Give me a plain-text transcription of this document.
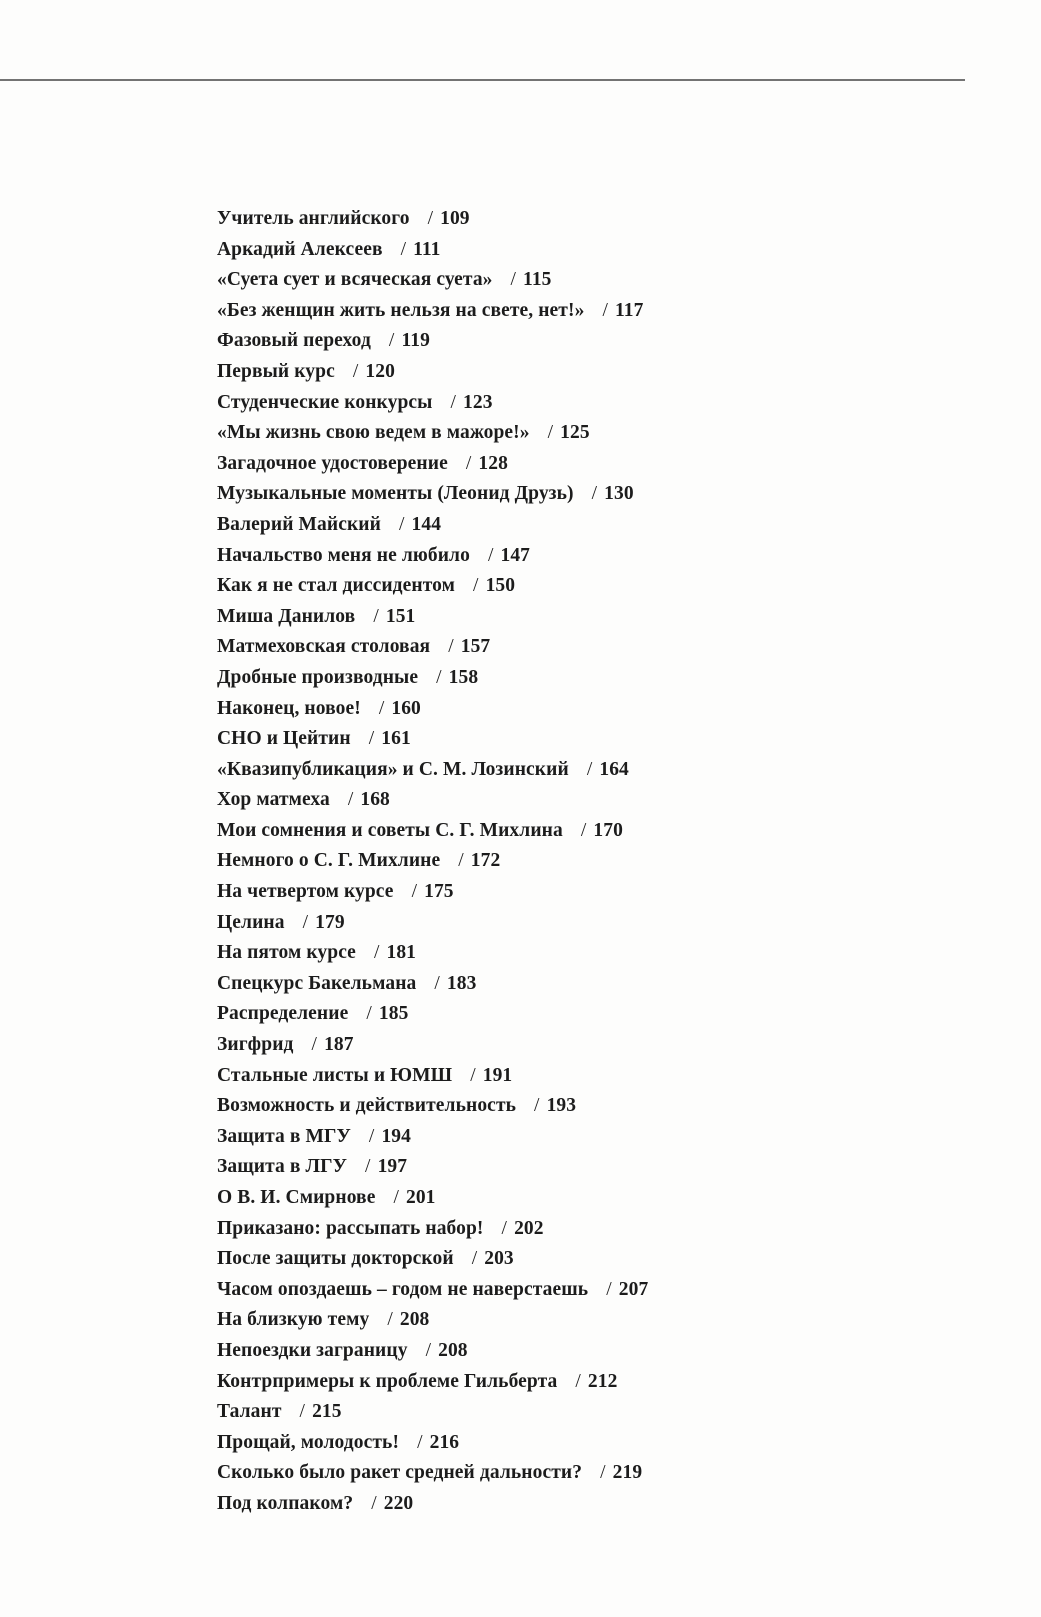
Учитель английского / 109
Аркадий Алексеев / 111
«Суета сует и всяческая суета» / 115
«Без женщин жить нельзя на свете, нет!» / 117
Фазовый переход / 119
Первый курс / 120
Студенческие конкурсы / 123
«Мы жизнь свою ведем в мажоре!» / 125
Загадочное удостоверение / 128
Музыкальные моменты (Леонид Друзь) / 130
Валерий Майский / 144
Начальство меня не любило / 147
Как я не стал диссидентом / 150
Миша Данилов / 151
Матмеховская столовая / 157
Дробные производные / 158
Наконец, новое! / 160
СНО и Цейтин / 161
«Квазипубликация» и С. М. Лозинский / 164
Хор матмеха / 168
Мои сомнения и советы С. Г. Михлина / 170
Немного о С. Г. Михлине / 172
На четвертом курсе / 175
Целина / 179
На пятом курсе / 181
Спецкурс Бакельмана / 183
Распределение / 185
Зигфрид / 187
Стальные листы и ЮМШ / 191
Возможность и действительность / 193
Защита в МГУ / 194
Защита в ЛГУ / 197
О В. И. Смирнове / 201
Приказано: рассыпать набор! / 202
После защиты докторской / 203
Часом опоздаешь – годом не наверстаешь / 207
На близкую тему / 208
Непоездки заграницу / 208
Контрпримеры к проблеме Гильберта / 212
Талант / 215
Прощай, молодость! / 216
Сколько было ракет средней дальности? / 219
Под колпаком? / 220
